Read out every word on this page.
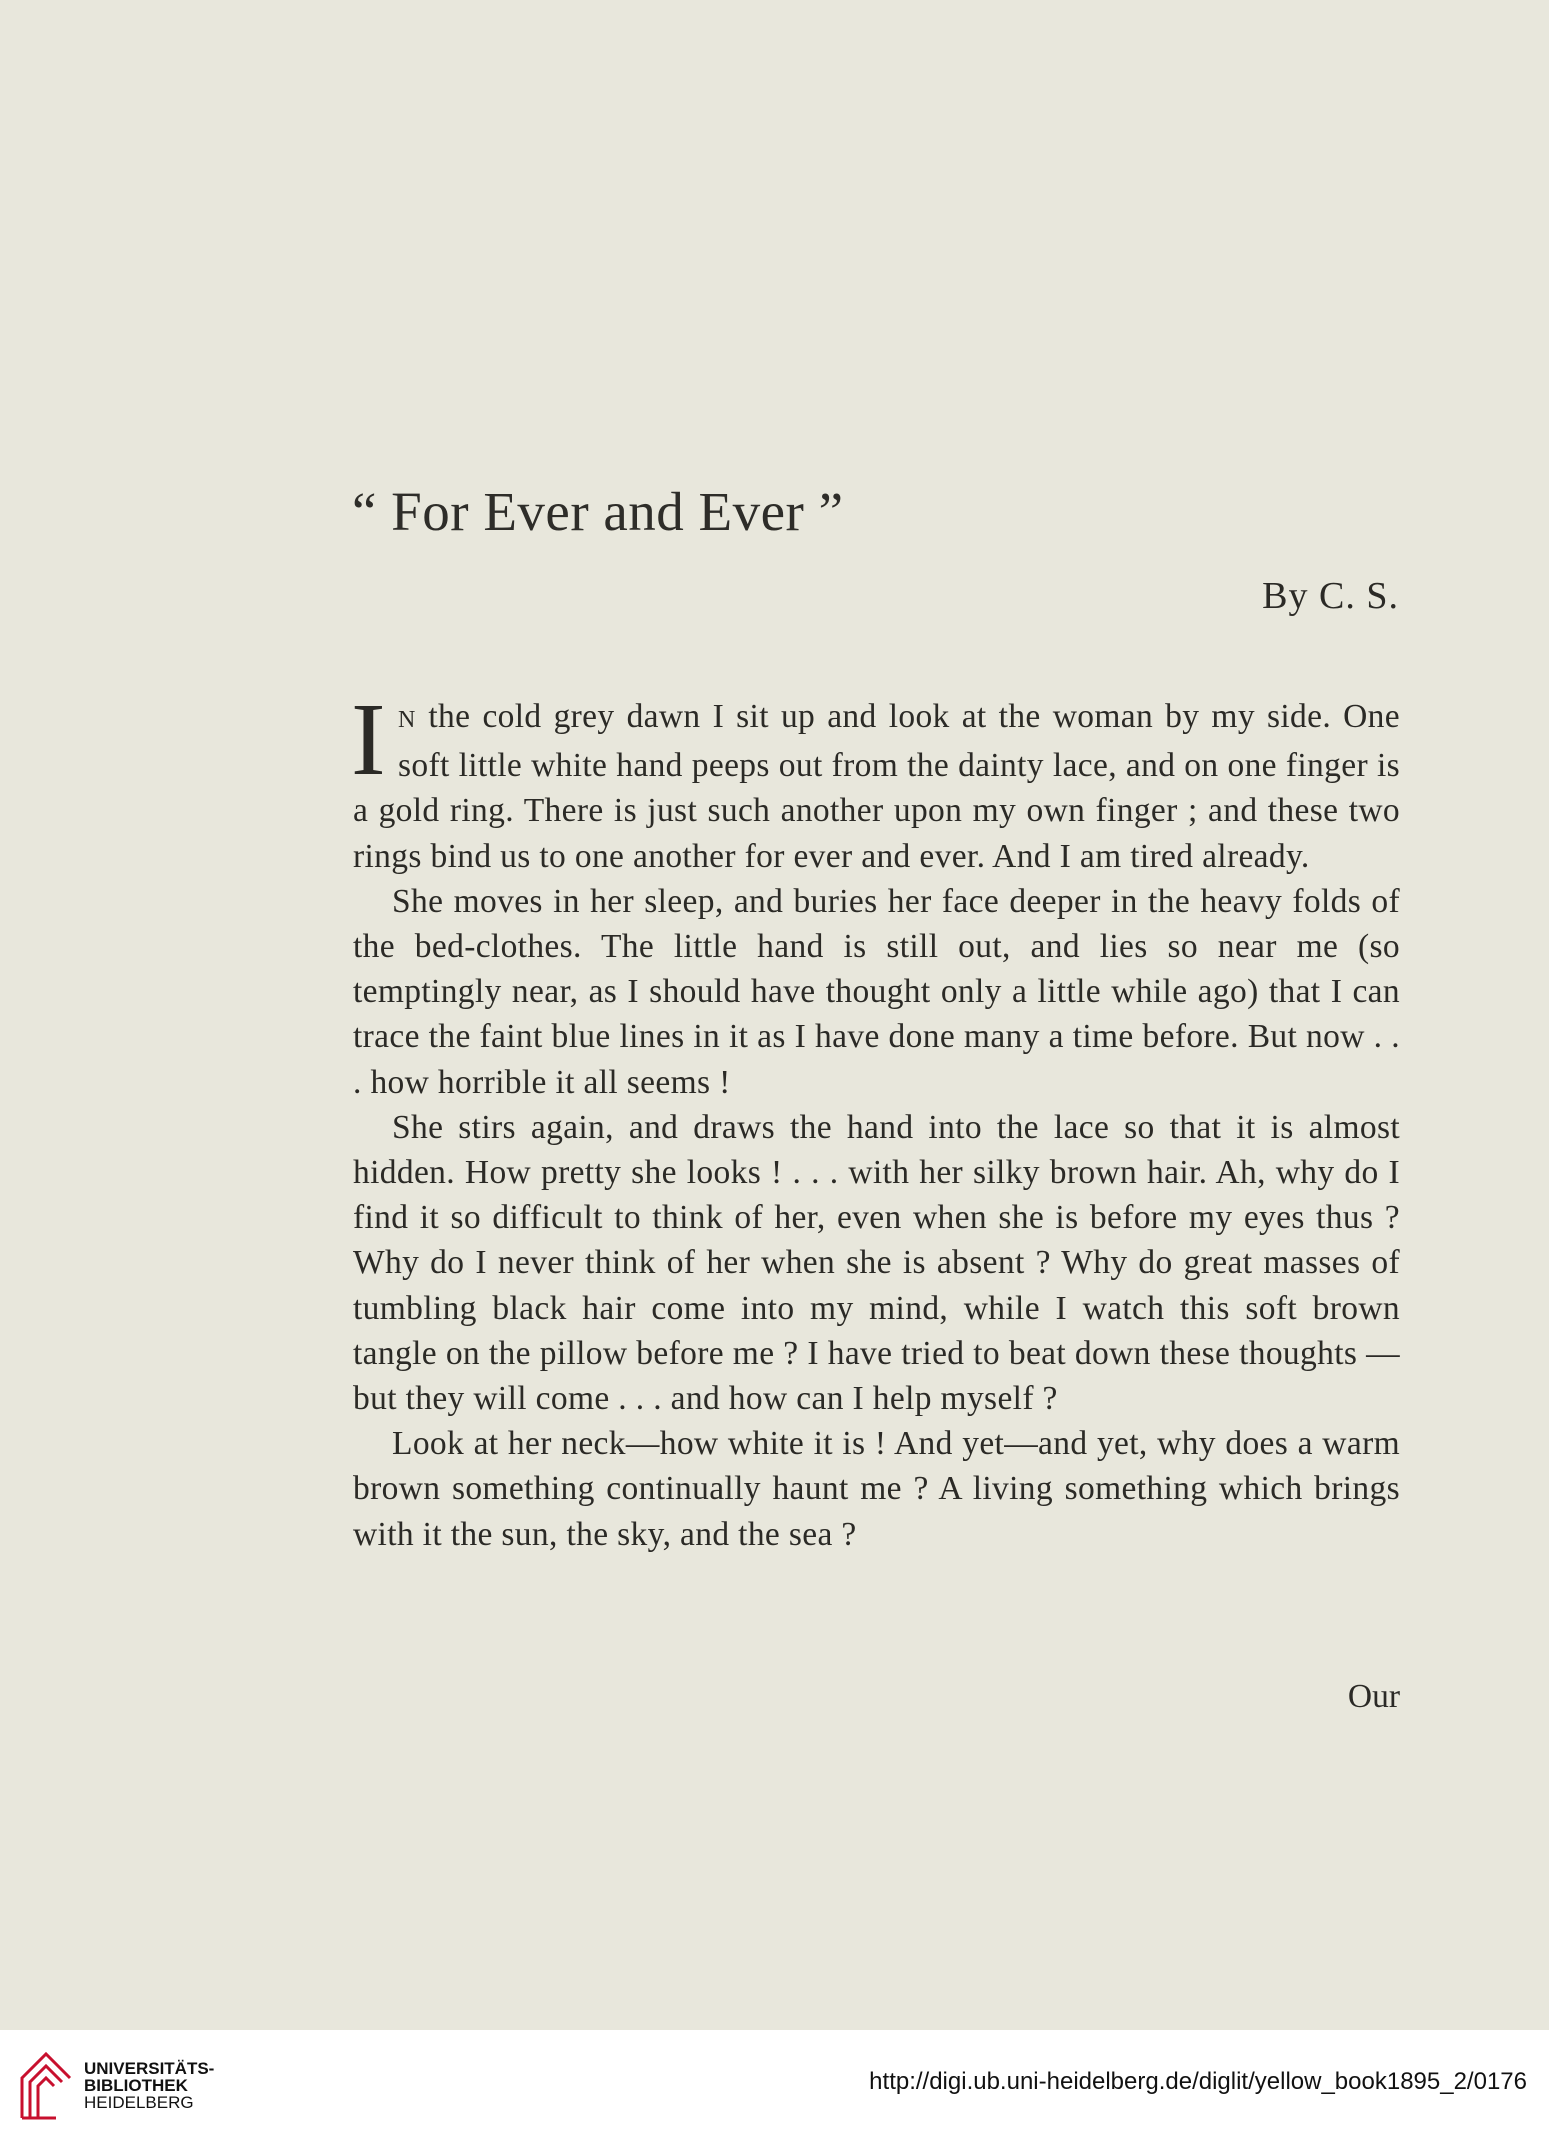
“ For Ever and Ever ”
By C. S.

I N the cold grey dawn I sit up and look at the woman by my side. One soft little white hand peeps out from the dainty lace, and on one finger is a gold ring. There is just such another upon my own finger ; and these two rings bind us to one another for ever and ever. And I am tired already.

She moves in her sleep, and buries her face deeper in the heavy folds of the bed-clothes. The little hand is still out, and lies so near me (so temptingly near, as I should have thought only a little while ago) that I can trace the faint blue lines in it as I have done many a time before. But now . . . how horrible it all seems !

She stirs again, and draws the hand into the lace so that it is almost hidden. How pretty she looks ! . . . with her silky brown hair. Ah, why do I find it so difficult to think of her, even when she is before my eyes thus ? Why do I never think of her when she is absent ? Why do great masses of tumbling black hair come into my mind, while I watch this soft brown tangle on the pillow before me ? I have tried to beat down these thoughts —but they will come . . . and how can I help myself ?

Look at her neck—how white it is ! And yet—and yet, why does a warm brown something continually haunt me ? A living something which brings with it the sun, the sky, and the sea ?

Our
UNIVERSITÄTS-
BIBLIOTHEK
HEIDELBERG
http://digi.ub.uni-heidelberg.de/diglit/yellow_book1895_2/0176
